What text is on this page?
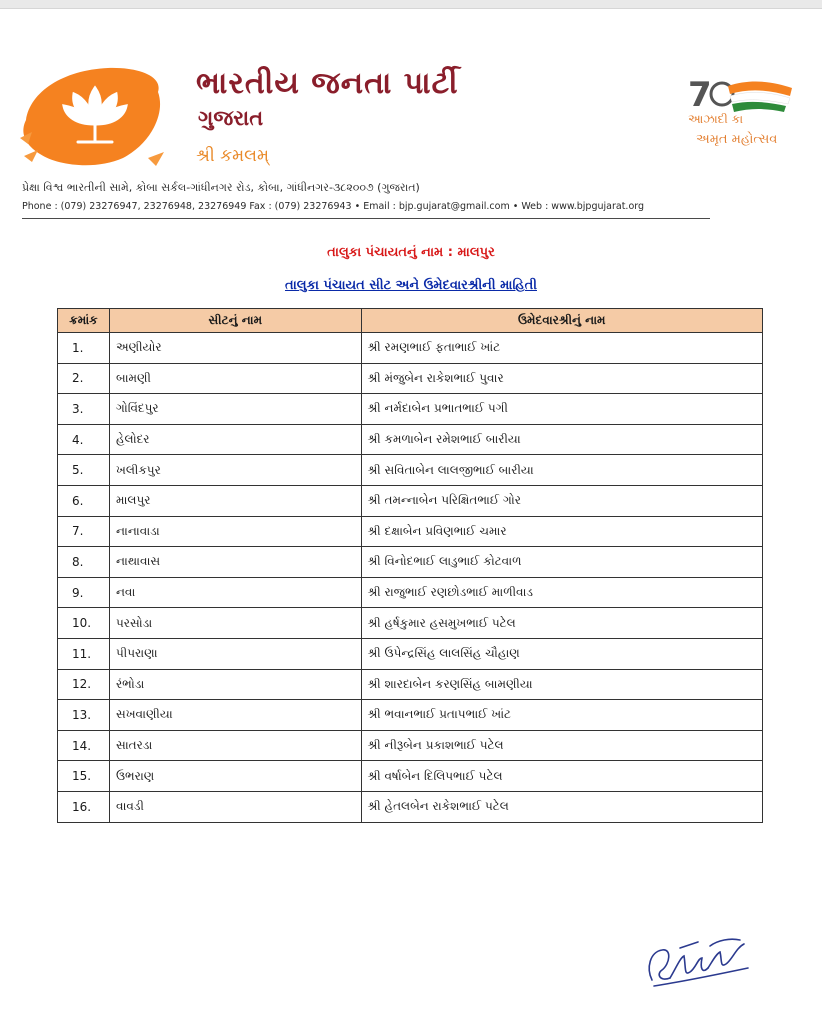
ભારતીય જનતા પાર્ટી
ગુજરાત
શ્રી કમલમ્
7
આઝાદી કા
અમૃત મહોત્સવ
પ્રેક્ષા વિશ્વ ભારતીની સામે, કોબા સર્કલ-ગાંધીનગર રોડ, કોબા, ગાંધીનગર-૩૮૨૦૦૭ (ગુજરાત)
Phone : (079) 23276947, 23276948, 23276949 Fax : (079) 23276943 • Email : bjp.gujarat@gmail.com • Web : www.bjpgujarat.org
તાલુકા પંચાયતનું નામ : માલપુર
તાલુકા પંચાયત સીટ અને ઉમેદવારશ્રીની માહિતી
ક્રમાંક	સીટનું નામ	ઉમેદવારશ્રીનું નામ
1.	અણીયોર	શ્રી રમણભાઈ ફતાભાઈ ખાંટ
2.	બામણી	શ્રી મંજુબેન રાકેશભાઈ પુવાર
3.	ગોવિંદપુર	શ્રી નર્મદાબેન પ્રભાતભાઈ પગી
4.	હેલોદર	શ્રી કમળાબેન રમેશભાઈ બારીયા
5.	ખલીકપુર	શ્રી સવિતાબેન લાલજીભાઈ બારીયા
6.	માલપુર	શ્રી તમન્નાબેન પરિક્ષિતભાઈ ગોર
7.	નાનાવાડા	શ્રી દક્ષાબેન પ્રવિણભાઈ ચમાર
8.	નાથાવાસ	શ્રી વિનોદભાઈ લાડુભાઈ કોટવાળ
9.	નવા	શ્રી રાજુભાઈ રણછોડભાઈ માળીવાડ
10.	પરસોડા	શ્રી હર્ષકુમાર હસમુખભાઈ પટેલ
11.	પીપરાણા	શ્રી ઉપેન્દ્રસિંહ લાલસિંહ ચૌહાણ
12.	રંભોડા	શ્રી શારદાબેન કરણસિંહ બામણીયા
13.	સખવાણીયા	શ્રી ભવાનભાઈ પ્રતાપભાઈ ખાંટ
14.	સાતરડા	શ્રી નીરૂબેન પ્રકાશભાઈ પટેલ
15.	ઉભરાણ	શ્રી વર્ષાબેન દિલિપભાઈ પટેલ
16.	વાવડી	શ્રી હેતલબેન રાકેશભાઈ પટેલ
